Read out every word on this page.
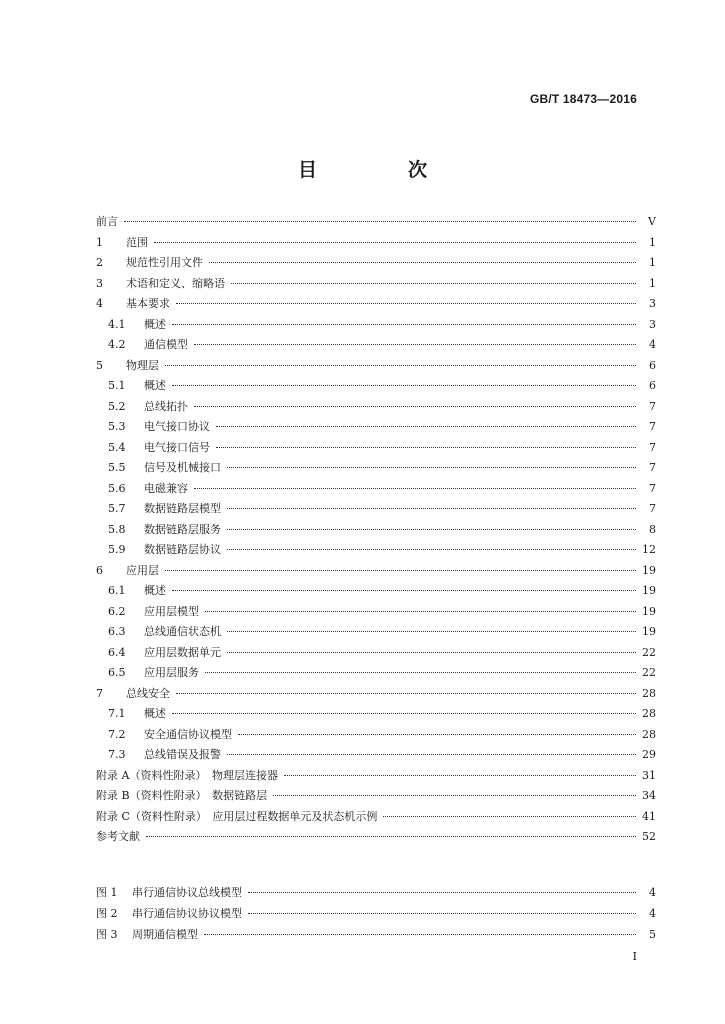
GB/T 18473—2016
目　次
前言	Ⅴ
1	范围	1
2	规范性引用文件	1
3	术语和定义、缩略语	1
4	基本要求	3
4.1	概述	3
4.2	通信模型	4
5	物理层	6
5.1	概述	6
5.2	总线拓扑	7
5.3	电气接口协议	7
5.4	电气接口信号	7
5.5	信号及机械接口	7
5.6	电磁兼容	7
5.7	数据链路层模型	7
5.8	数据链路层服务	8
5.9	数据链路层协议	12
6	应用层	19
6.1	概述	19
6.2	应用层模型	19
6.3	总线通信状态机	19
6.4	应用层数据单元	22
6.5	应用层服务	22
7	总线安全	28
7.1	概述	28
7.2	安全通信协议模型	28
7.3	总线错误及报警	29
附录 A（资料性附录）　物理层连接器	31
附录 B（资料性附录）　数据链路层	34
附录 C（资料性附录）　应用层过程数据单元及状态机示例	41
参考文献	52
图 1	串行通信协议总线模型	4
图 2	串行通信协议协议模型	4
图 3	周期通信模型	5
I
